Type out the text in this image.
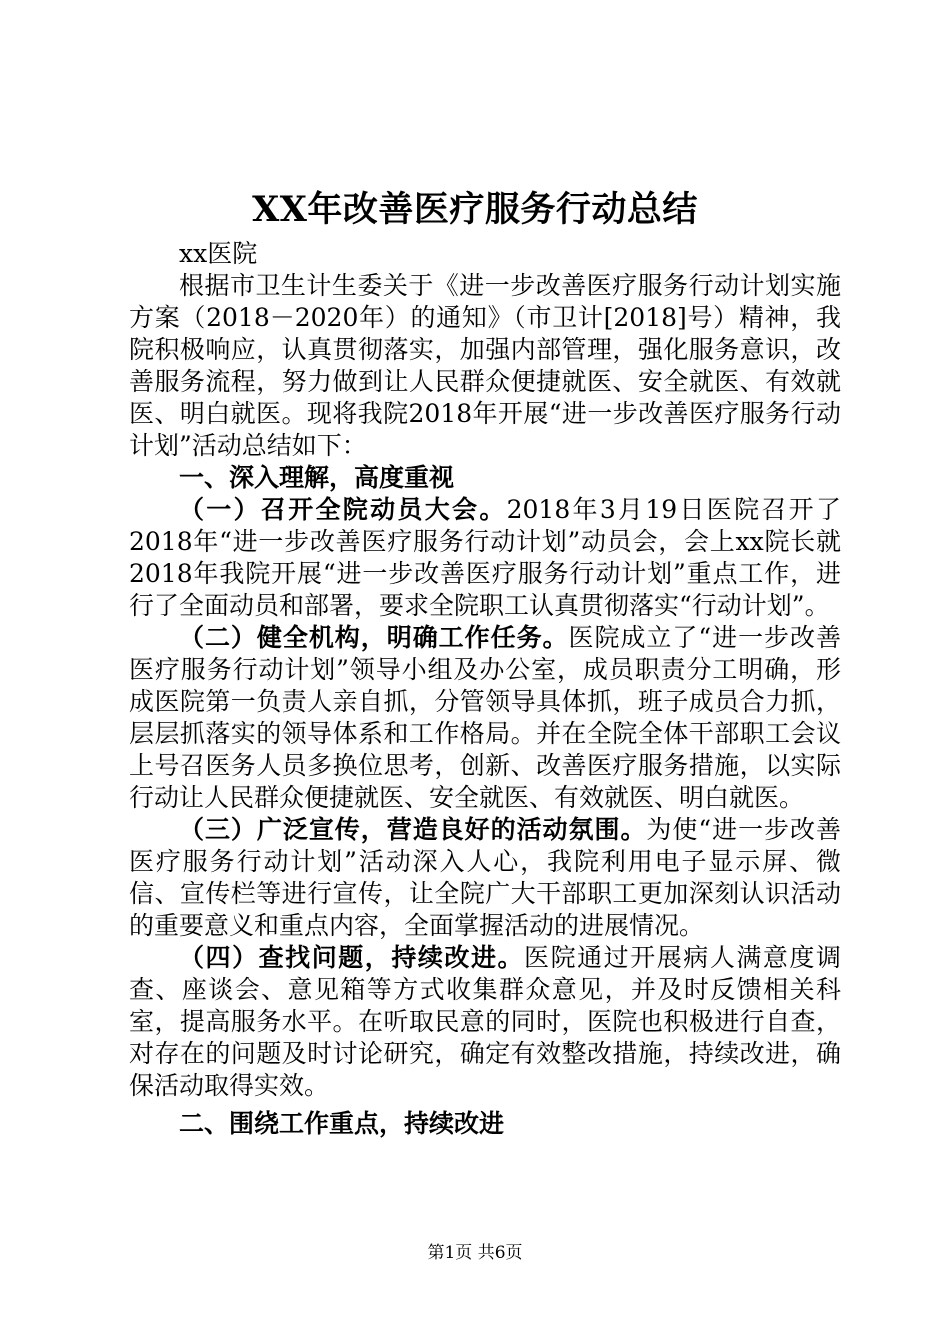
XX年改善医疗服务行动总结

xx医院

根据市卫生计生委关于《进一步改善医疗服务行动计划实施方案（2018－2020年）的通知》（市卫计[2018]号）精神，我院积极响应，认真贯彻落实，加强内部管理，强化服务意识，改善服务流程，努力做到让人民群众便捷就医、安全就医、有效就医、明白就医。现将我院2018年开展“进一步改善医疗服务行动计划”活动总结如下：

一、深入理解，高度重视

（一）召开全院动员大会。2018年3月19日医院召开了2018年“进一步改善医疗服务行动计划”动员会，会上xx院长就2018年我院开展“进一步改善医疗服务行动计划”重点工作，进行了全面动员和部署，要求全院职工认真贯彻落实“行动计划”。

（二）健全机构，明确工作任务。医院成立了“进一步改善医疗服务行动计划”领导小组及办公室，成员职责分工明确，形成医院第一负责人亲自抓，分管领导具体抓，班子成员合力抓，层层抓落实的领导体系和工作格局。并在全院全体干部职工会议上号召医务人员多换位思考，创新、改善医疗服务措施，以实际行动让人民群众便捷就医、安全就医、有效就医、明白就医。

（三）广泛宣传，营造良好的活动氛围。为使“进一步改善医疗服务行动计划”活动深入人心，我院利用电子显示屏、微信、宣传栏等进行宣传，让全院广大干部职工更加深刻认识活动的重要意义和重点内容，全面掌握活动的进展情况。

（四）查找问题，持续改进。医院通过开展病人满意度调查、座谈会、意见箱等方式收集群众意见，并及时反馈相关科室，提高服务水平。在听取民意的同时，医院也积极进行自查，对存在的问题及时讨论研究，确定有效整改措施，持续改进，确保活动取得实效。

二、围绕工作重点，持续改进

第1页 共6页
